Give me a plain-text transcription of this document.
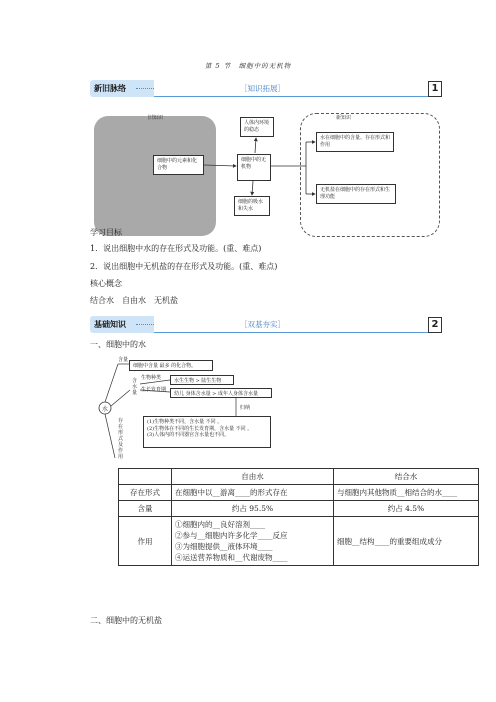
第 5 节　细胞中的无机物
新旧脉络	［知识拓展］	1
旧知识	新知识
细胞中的元素和化合物
细胞中的无机物
人体内环境的稳态
细胞的吸水和失水
水在细胞中的含量、存在形式和作用
无机盐在细胞中的存在形式和生理功能
学习目标
1．说出细胞中水的存在形式及功能。(重、难点)
2．说出细胞中无机盐的存在形式及功能。(重、难点)
核心概念
结合水　自由水　无机盐
基础知识	［双基夯实］	2
一、细胞中的水
水
含量
细胞中含量 最多 的化合物。
含水量
生物种类	水生生物 > 陆生生物
生长发育期
幼儿 身体含水量 > 成年人身体含水量
归纳
(1)生物种类不同，含水量 不同 。
(2)生物体在不同的生长发育期，含水量 不同 。
(3)人体内的不同器官含水量也不同。
存在形式及作用
	自由水	结合水
存在形式	在细胞中以__游离____的形式存在	与细胞内其他物质__相结合的水____
含量	约占 95.5%	约占 4.5%
作用	①细胞内的__良好溶剂____
②参与__细胞内许多化学____反应
③为细胞提供__液体环境____
④运送营养物质和__代谢废物____	细胞__结构____的重要组成成分
二、细胞中的无机盐
